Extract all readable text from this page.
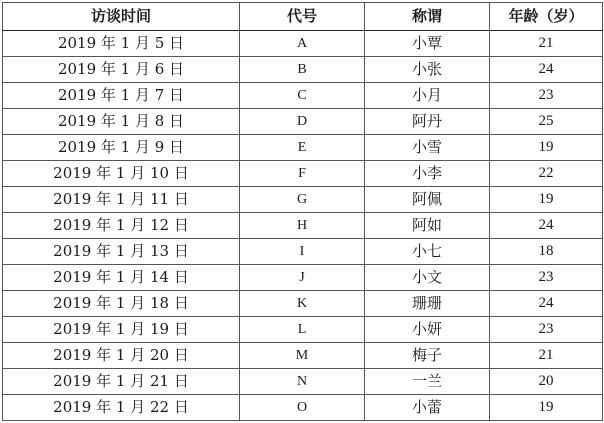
访谈时间	代号	称谓	年龄（岁）
2019 年 1 月 5 日	A	小覃	21
2019 年 1 月 6 日	B	小张	24
2019 年 1 月 7 日	C	小月	23
2019 年 1 月 8 日	D	阿丹	25
2019 年 1 月 9 日	E	小雪	19
2019 年 1 月 10 日	F	小李	22
2019 年 1 月 11 日	G	阿佩	19
2019 年 1 月 12 日	H	阿如	24
2019 年 1 月 13 日	I	小七	18
2019 年 1 月 14 日	J	小文	23
2019 年 1 月 18 日	K	珊珊	24
2019 年 1 月 19 日	L	小妍	23
2019 年 1 月 20 日	M	梅子	21
2019 年 1 月 21 日	N	一兰	20
2019 年 1 月 22 日	O	小蕾	19
